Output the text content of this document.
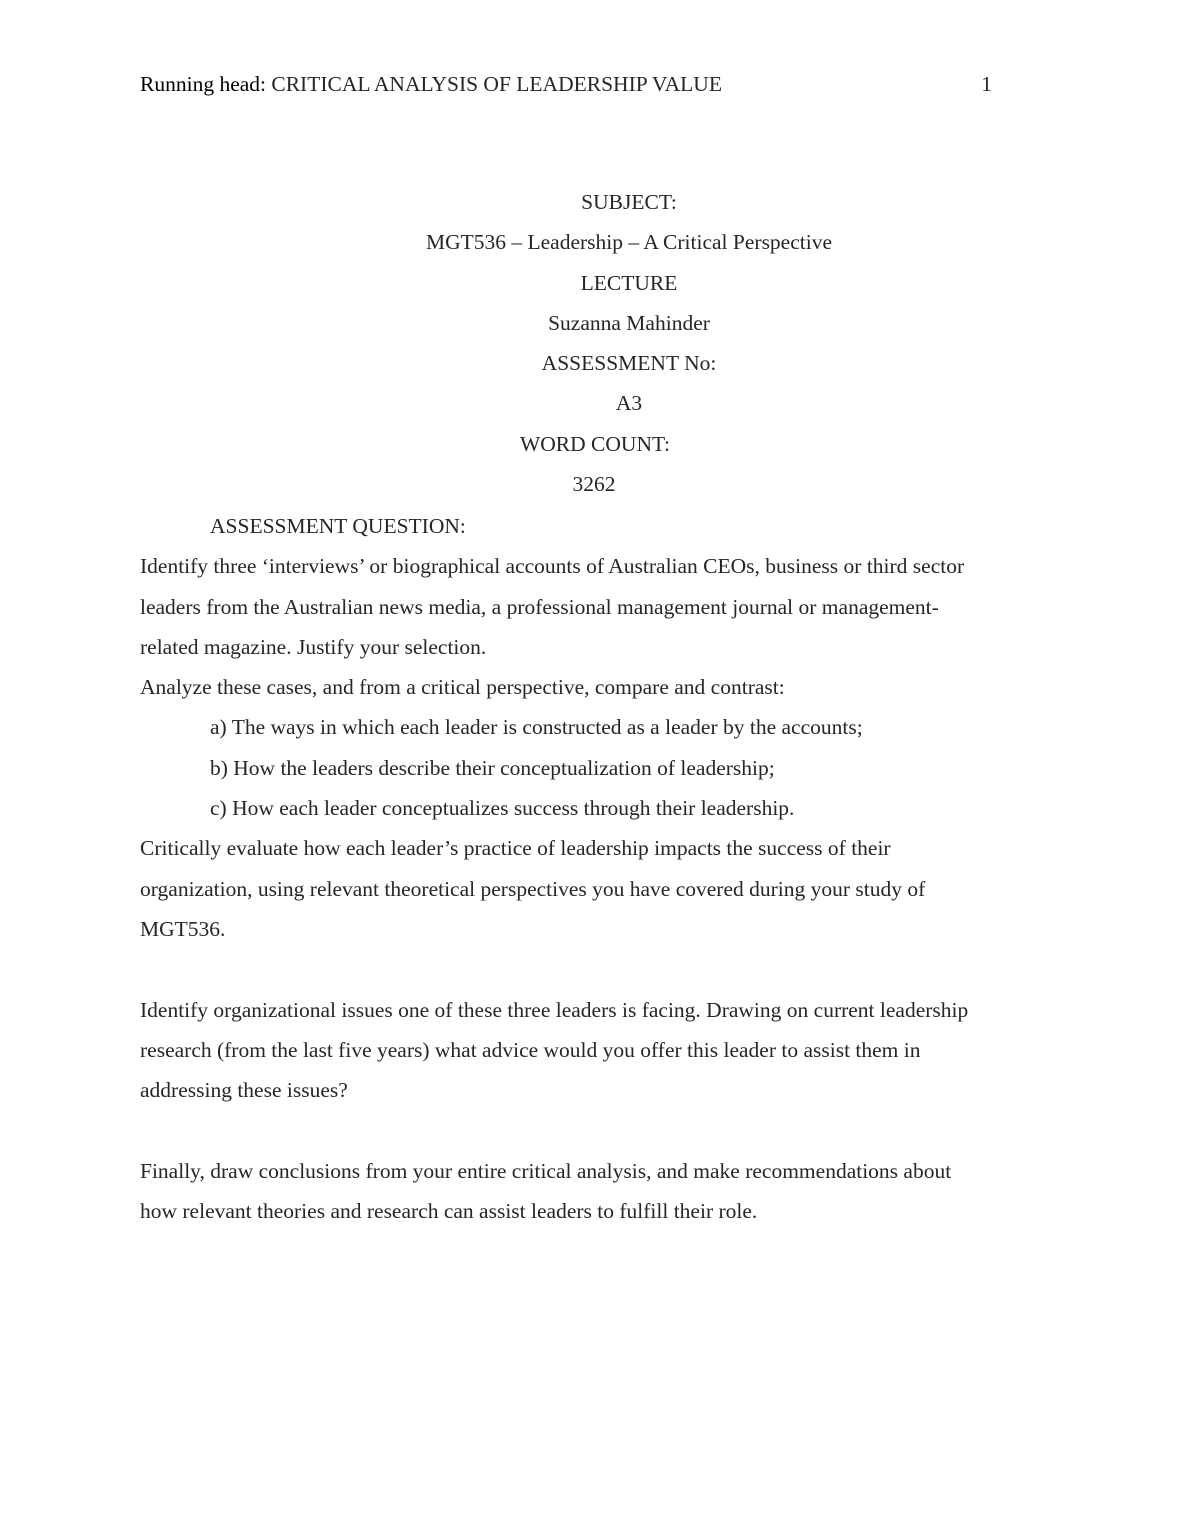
Running head: CRITICAL ANALYSIS OF LEADERSHIP VALUE	1
SUBJECT:
MGT536 – Leadership – A Critical Perspective
LECTURE
Suzanna Mahinder
ASSESSMENT No:
A3
WORD COUNT:
3262

ASSESSMENT QUESTION:

Identify three ‘interviews’ or biographical accounts of Australian CEOs, business or third sector

leaders from the Australian news media, a professional management journal or management-

related magazine. Justify your selection.

Analyze these cases, and from a critical perspective, compare and contrast:

a) The ways in which each leader is constructed as a leader by the accounts;

b) How the leaders describe their conceptualization of leadership;

c) How each leader conceptualizes success through their leadership.

Critically evaluate how each leader’s practice of leadership impacts the success of their

organization, using relevant theoretical perspectives you have covered during your study of

MGT536.

Identify organizational issues one of these three leaders is facing. Drawing on current leadership

research (from the last five years) what advice would you offer this leader to assist them in

addressing these issues?

Finally, draw conclusions from your entire critical analysis, and make recommendations about

how relevant theories and research can assist leaders to fulfill their role.
